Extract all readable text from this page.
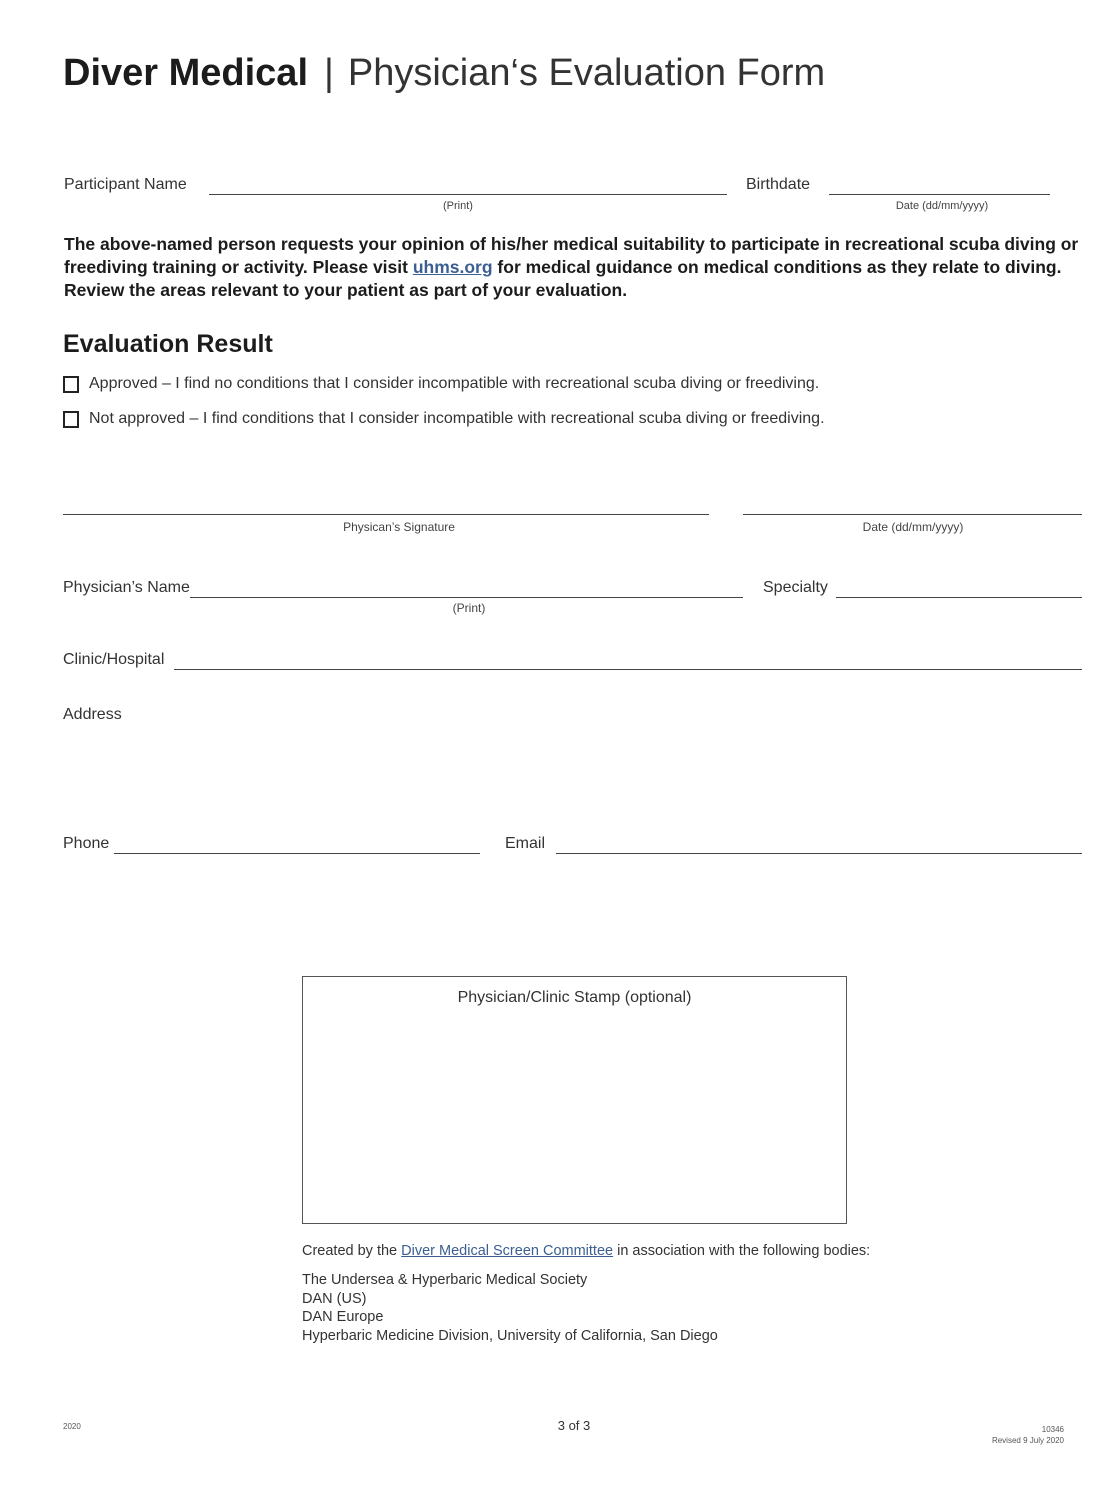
Diver Medical | Physician‘s Evaluation Form
Participant Name
(Print)
Birthdate
Date (dd/mm/yyyy)
The above-named person requests your opinion of his/her medical suitability to participate in recreational scuba diving or freediving training or activity. Please visit uhms.org for medical guidance on medical conditions as they relate to diving. Review the areas relevant to your patient as part of your evaluation.
Evaluation Result
Approved – I find no conditions that I consider incompatible with recreational scuba diving or freediving.
Not approved – I find conditions that I consider incompatible with recreational scuba diving or freediving.
Physican’s Signature	Date (dd/mm/yyyy)
Physician’s Name
(Print)
Specialty
Clinic/Hospital
Address
Phone	Email
Physician/Clinic Stamp (optional)
Created by the Diver Medical Screen Committee in association with the following bodies:
The Undersea & Hyperbaric Medical Society
DAN (US)
DAN Europe
Hyperbaric Medicine Division, University of California, San Diego
2020	3 of 3	10346
Revised 9 July 2020
